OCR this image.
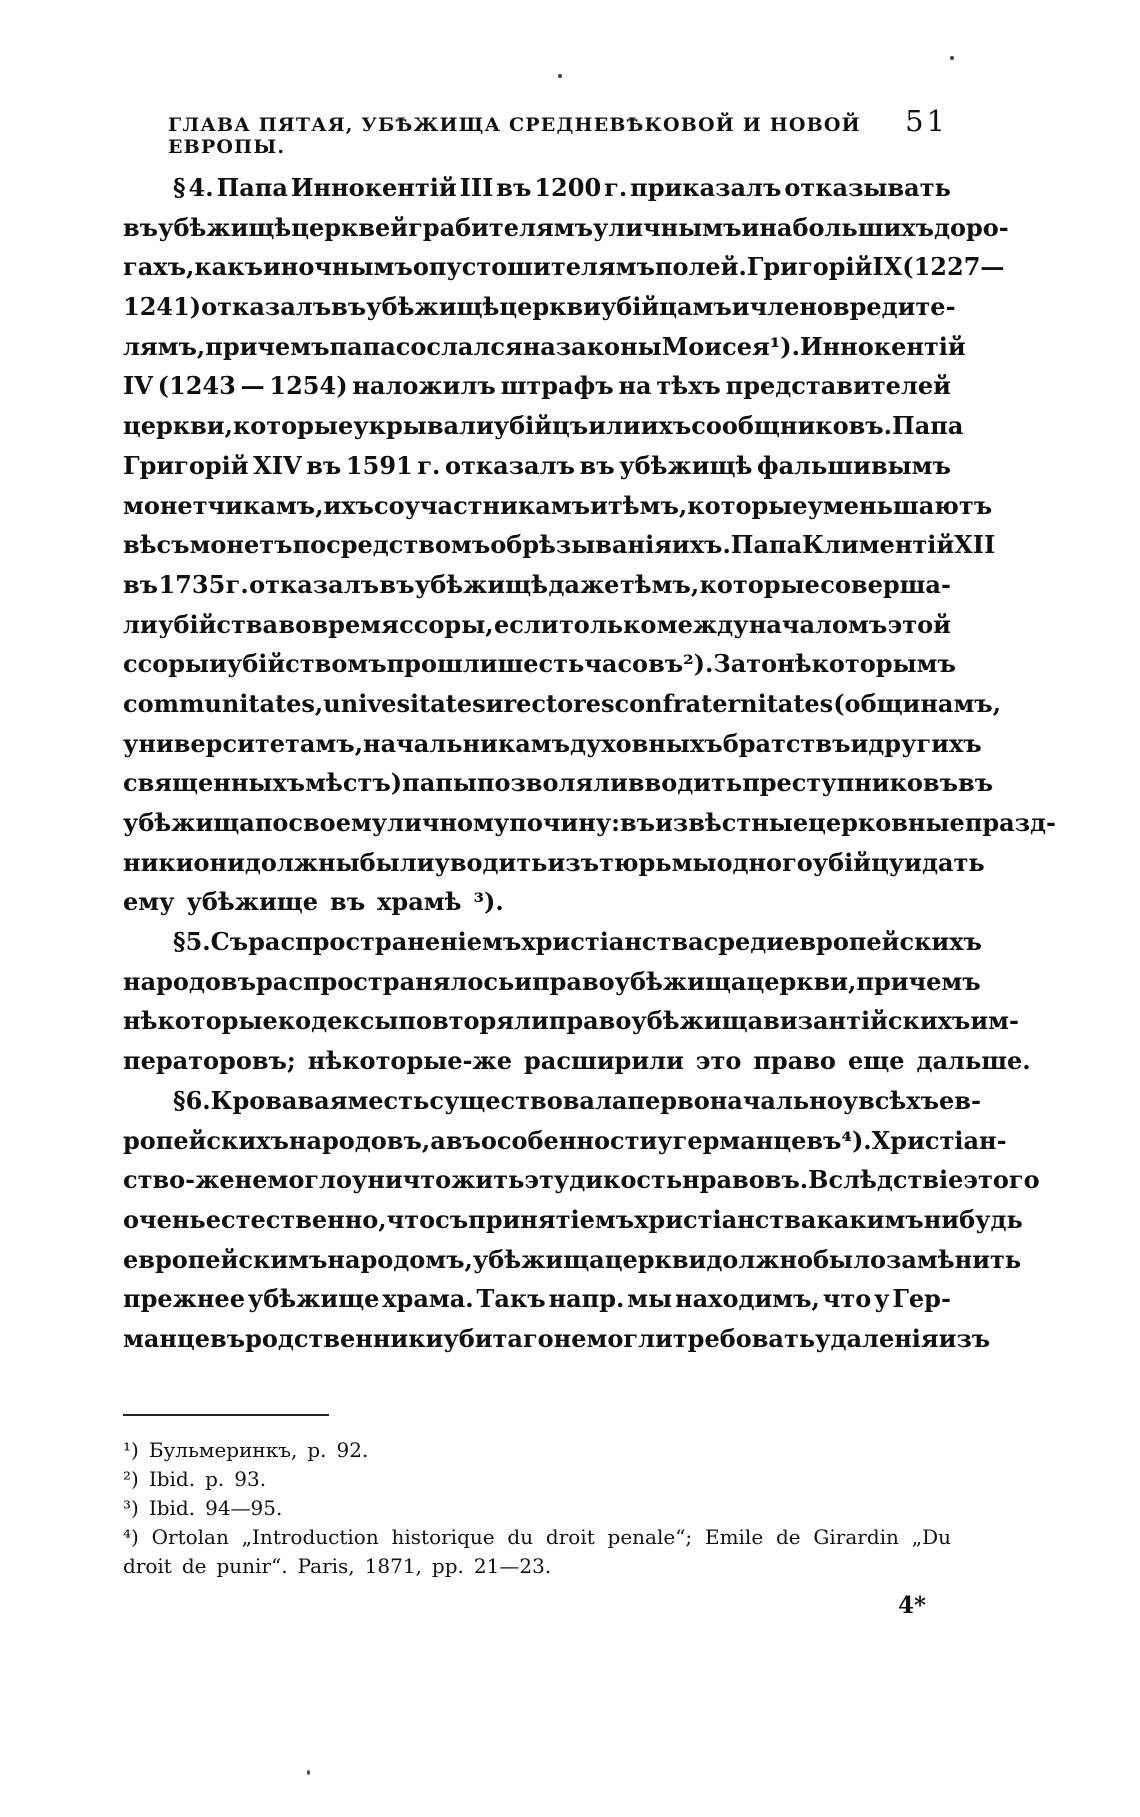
ГЛАВА ПЯТАЯ, УБѢЖИЩА СРЕДНЕВѢКОВОЙ И НОВОЙ ЕВРОПЫ.
51
§ 4. Папа Иннокентій III въ 1200 г. приказалъ отказывать
въ убѣжищѣ церквей грабителямъ уличнымъ и на большихъ доро-
гахъ, какъ и ночнымъ опустошителямъ полей. Григорій IX (1227—
1241) отказалъ въ убѣжищѣ церкви убійцамъ и членовредите-
лямъ, при чемъ папа сослался на законы Моисея ¹). Иннокентій
IV (1243 — 1254) наложилъ штрафъ на тѣхъ представителей
церкви, которые укрывали убійцъ или ихъ сообщниковъ. Папа
Григорій XIV въ 1591 г. отказалъ въ убѣжищѣ фальшивымъ
монетчикамъ, ихъ соучастникамъ и тѣмъ, которые уменьшаютъ
вѣсъ монетъ посредствомъ обрѣзыванія ихъ. Папа Климентій XII
въ 1735 г. отказалъ въ убѣжищѣ даже тѣмъ, которые соверша-
ли убійства во время ссоры, если только между началомъ этой
ссоры и убійствомъ прошли шесть часовъ ²). За то нѣкоторымъ
communitates, univesitates и rectores confraternitates (общинамъ,
университетамъ, начальникамъ духовныхъ братствъ и другихъ
священныхъ мѣстъ) папы позволяли вводить преступниковъ въ
убѣжища по своему личному почину: въ извѣстные церковные празд-
ники они должны были уводить изъ тюрьмы одного убійцу и дать
ему убѣжище въ храмѣ ³).
§ 5. Съ распространеніемъ христіанства среди европейскихъ
народовъ распространялось и право убѣжища церкви, при чемъ
нѣкоторые кодексы повторяли право убѣжища византійскихъ им-
ператоровъ; нѣкоторые-же расширили это право еще дальше.
§ 6. Кровавая месть существовала первоначально у всѣхъ ев-
ропейскихъ народовъ, а въ особенности у германцевъ ⁴). Христіан-
ство-же не могло уничтожить эту дикость нравовъ. Вслѣдствіе этого
очень естественно, что съ принятіемъ христіанства какимъ нибудь
европейскимъ народомъ, убѣжища церкви должно было замѣнить
прежнее убѣжище храма. Такъ напр. мы находимъ, что у Гер-
манцевъ родственники убитаго не могли требовать удаленія изъ
¹) Бульмеринкъ, p. 92.
²) Ibid. p. 93.
³) Ibid. 94—95.
⁴) Ortolan „Introduction historique du droit penale“; Emile de Girardin „Du
droit de punir“. Paris, 1871, pp. 21—23.
4*
